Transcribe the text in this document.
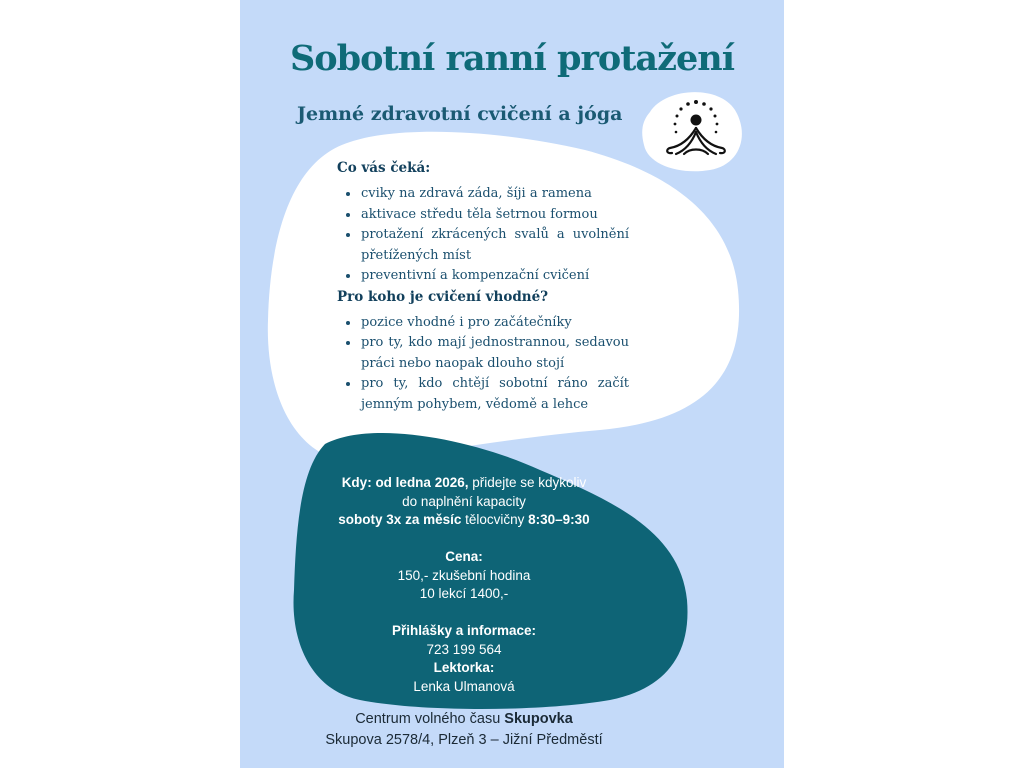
Sobotní ranní protažení
Jemné zdravotní cvičení a jóga
Co vás čeká:
cviky na zdravá záda, šíji a ramena
aktivace středu těla šetrnou formou
protažení zkrácených svalů a uvolnění přetížených míst
preventivní a kompenzační cvičení
Pro koho je cvičení vhodné?
pozice vhodné i pro začátečníky
pro ty, kdo mají jednostrannou, sedavou práci nebo naopak dlouho stojí
pro ty, kdo chtějí sobotní ráno začít jemným pohybem, vědomě a lehce
Kdy: od ledna 2026, přidejte se kdykoliv
do naplnění kapacity
soboty 3x za měsíc tělocvičny 8:30–9:30
Cena:
150,- zkušební hodina
10 lekcí 1400,-
Přihlášky a informace:
723 199 564
Lektorka:
Lenka Ulmanová
Centrum volného času Skupovka
Skupova 2578/4, Plzeň 3 – Jižní Předměstí
